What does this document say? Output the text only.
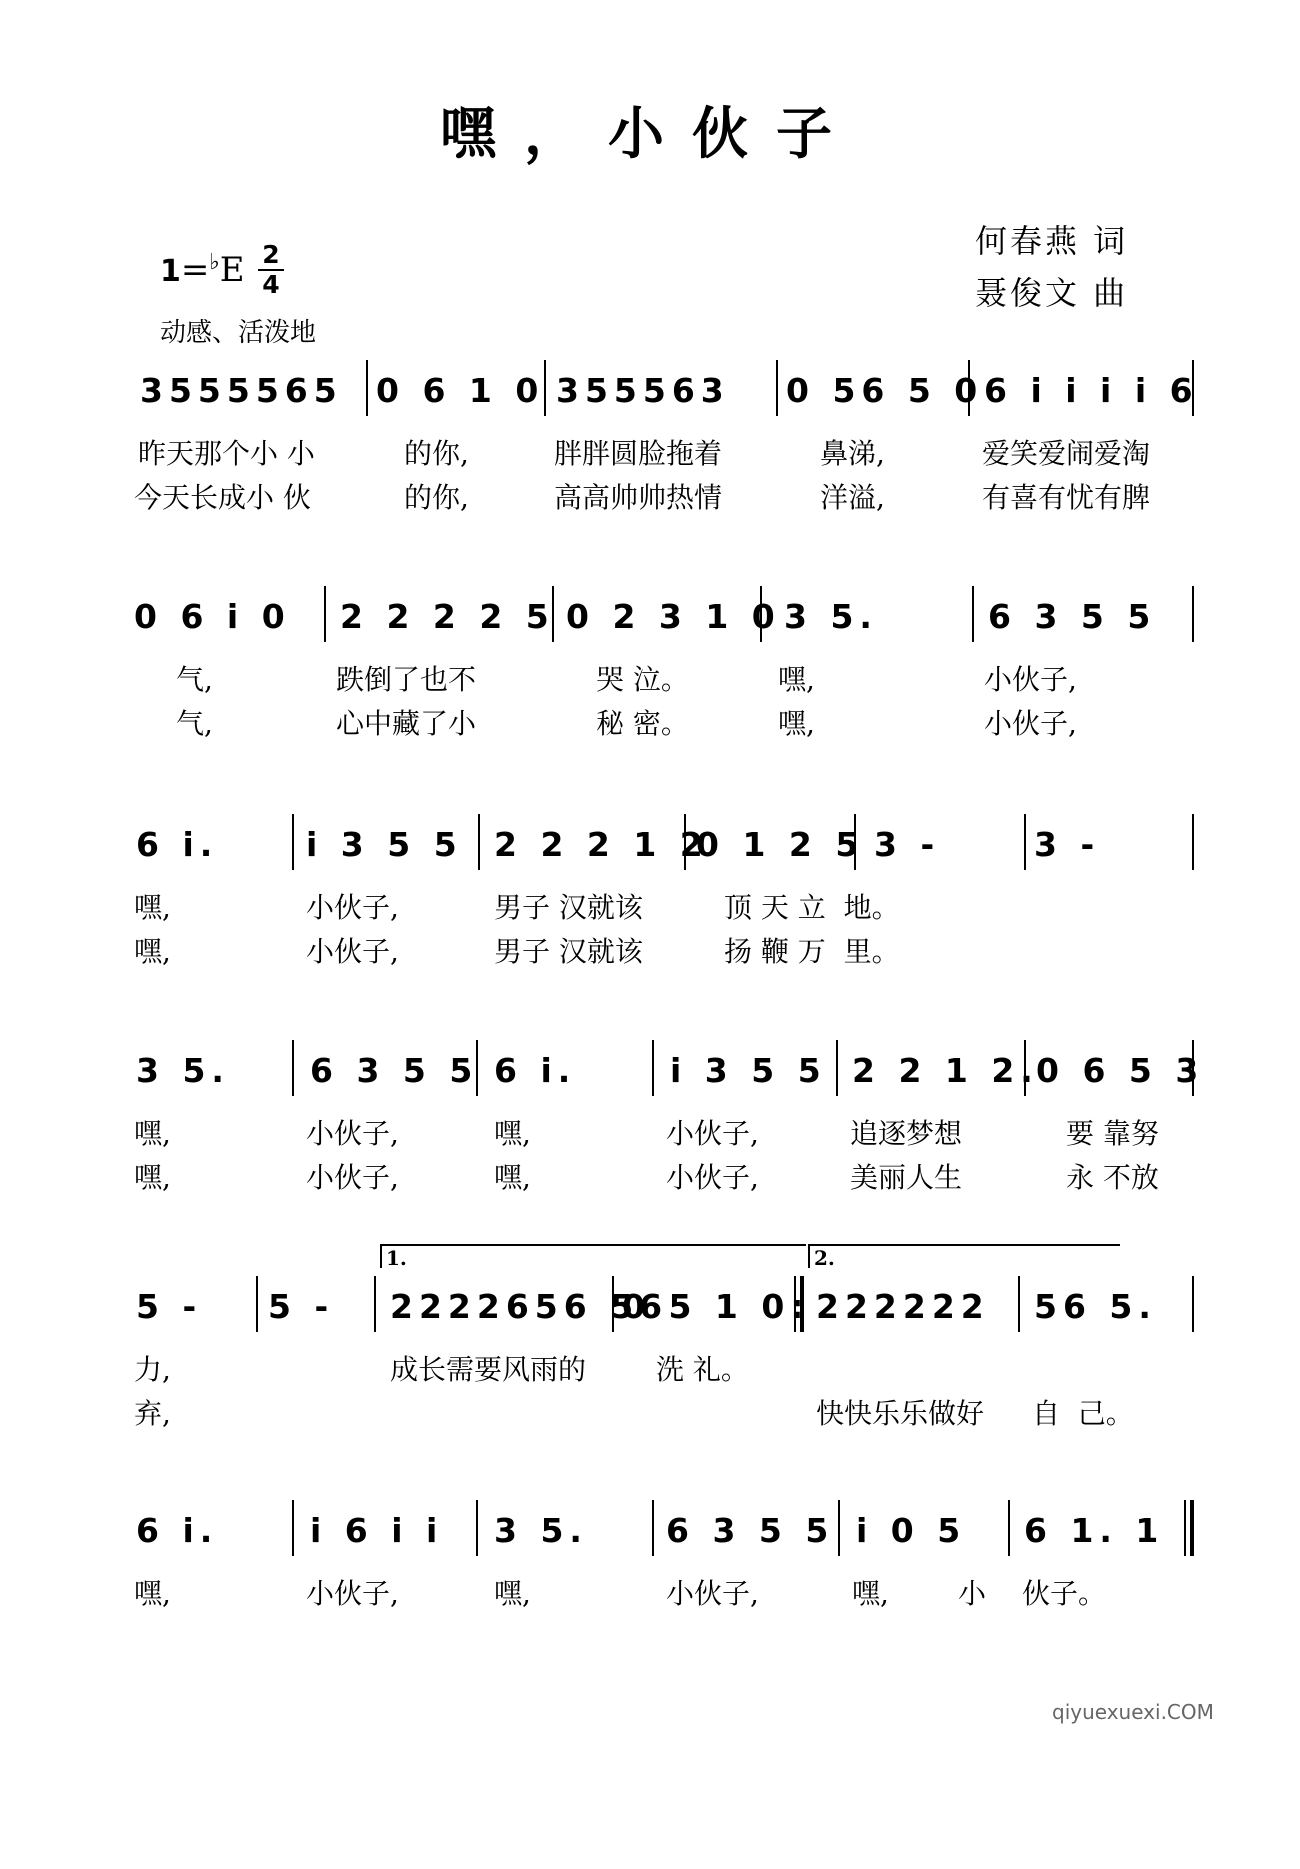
嘿，小伙子
何春燕 词
聂俊文 曲
1=♭E 2
4
动感、活泼地
3555565 0 6 1 0 355563 0 56 5 0 6 i i i i 6

昨天那个小 小

	的你,

	胖胖圆脸拖着

	鼻涕,

	爱笑爱闹爱淘

今天长成小 伙

	的你,

	高高帅帅热情

	洋溢,

	有喜有忧有脾

0 6 i 0 2 2 2 2 5 0 2 3 1 0 3 5.	6 3 5 5

气,

	跌倒了也不

	哭 泣。

	嘿,

	小伙子,

气,

	心中藏了小

	秘 密。

	嘿,

	小伙子,

6 i.	i 3 5 5 2 2 2 1 2
0 1 2 5 3 -	3 -

嘿,

	小伙子,

	男子 汉就该

	顶 天 立  地。

嘿,

	小伙子,

	男子 汉就该

	扬 鞭 万  里。

3 5. 6 3 5 5 6 i.	i 3 5 5 2 2 1 2.
0 6 5 3

嘿,

	小伙子,

	嘿,

	小伙子,

	追逐梦想

	要 靠努

嘿,

	小伙子,

	嘿,

	小伙子,

	美丽人生

	永 不放

1.	2.
5 - 5 - 2222656 56
0 5 1 0: 222222 56 5.

力,

	成长需要风雨的

洗 礼。

弃,

	快快乐乐做好

自  己。

6 i.	i 6 i i 3 5. 6 3 5 5 i 0 5 6 1. 1

嘿,

	小伙子,

	嘿,

	小伙子,

	嘿,

小

伙子。

qiyuexuexi.COM
